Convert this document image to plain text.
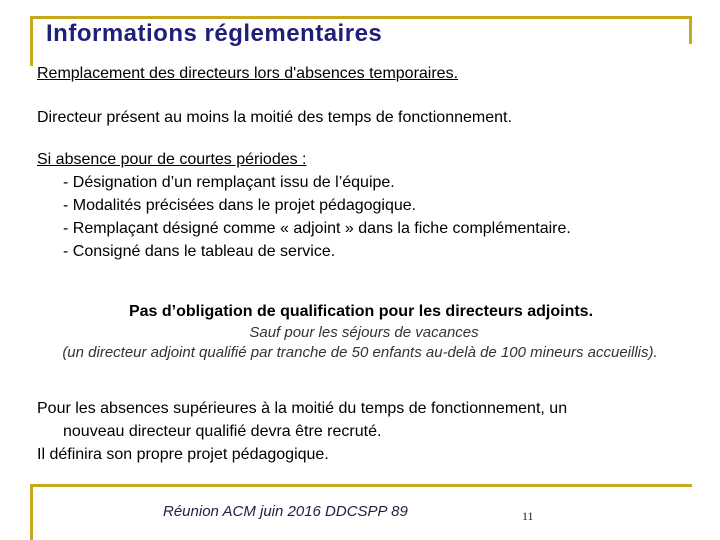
Informations réglementaires

Remplacement des directeurs lors d'absences temporaires.

Directeur présent au moins la moitié des temps de fonctionnement.

Si absence pour de courtes périodes :
- Désignation d’un remplaçant issu de l’équipe.
- Modalités précisées dans le projet pédagogique.
- Remplaçant désigné comme « adjoint » dans la fiche complémentaire.
- Consigné dans le tableau de service.
Pas d’obligation de qualification pour les directeurs adjoints.
Sauf pour les séjours de vacances
(un directeur adjoint qualifié par tranche de 50 enfants au-delà de 100 mineurs accueillis).
Pour les absences supérieures à la moitié du temps de fonctionnement, un
nouveau directeur qualifié devra être recruté.
Il définira son propre projet pédagogique.
Réunion ACM juin 2016 DDCSPP 89	11
